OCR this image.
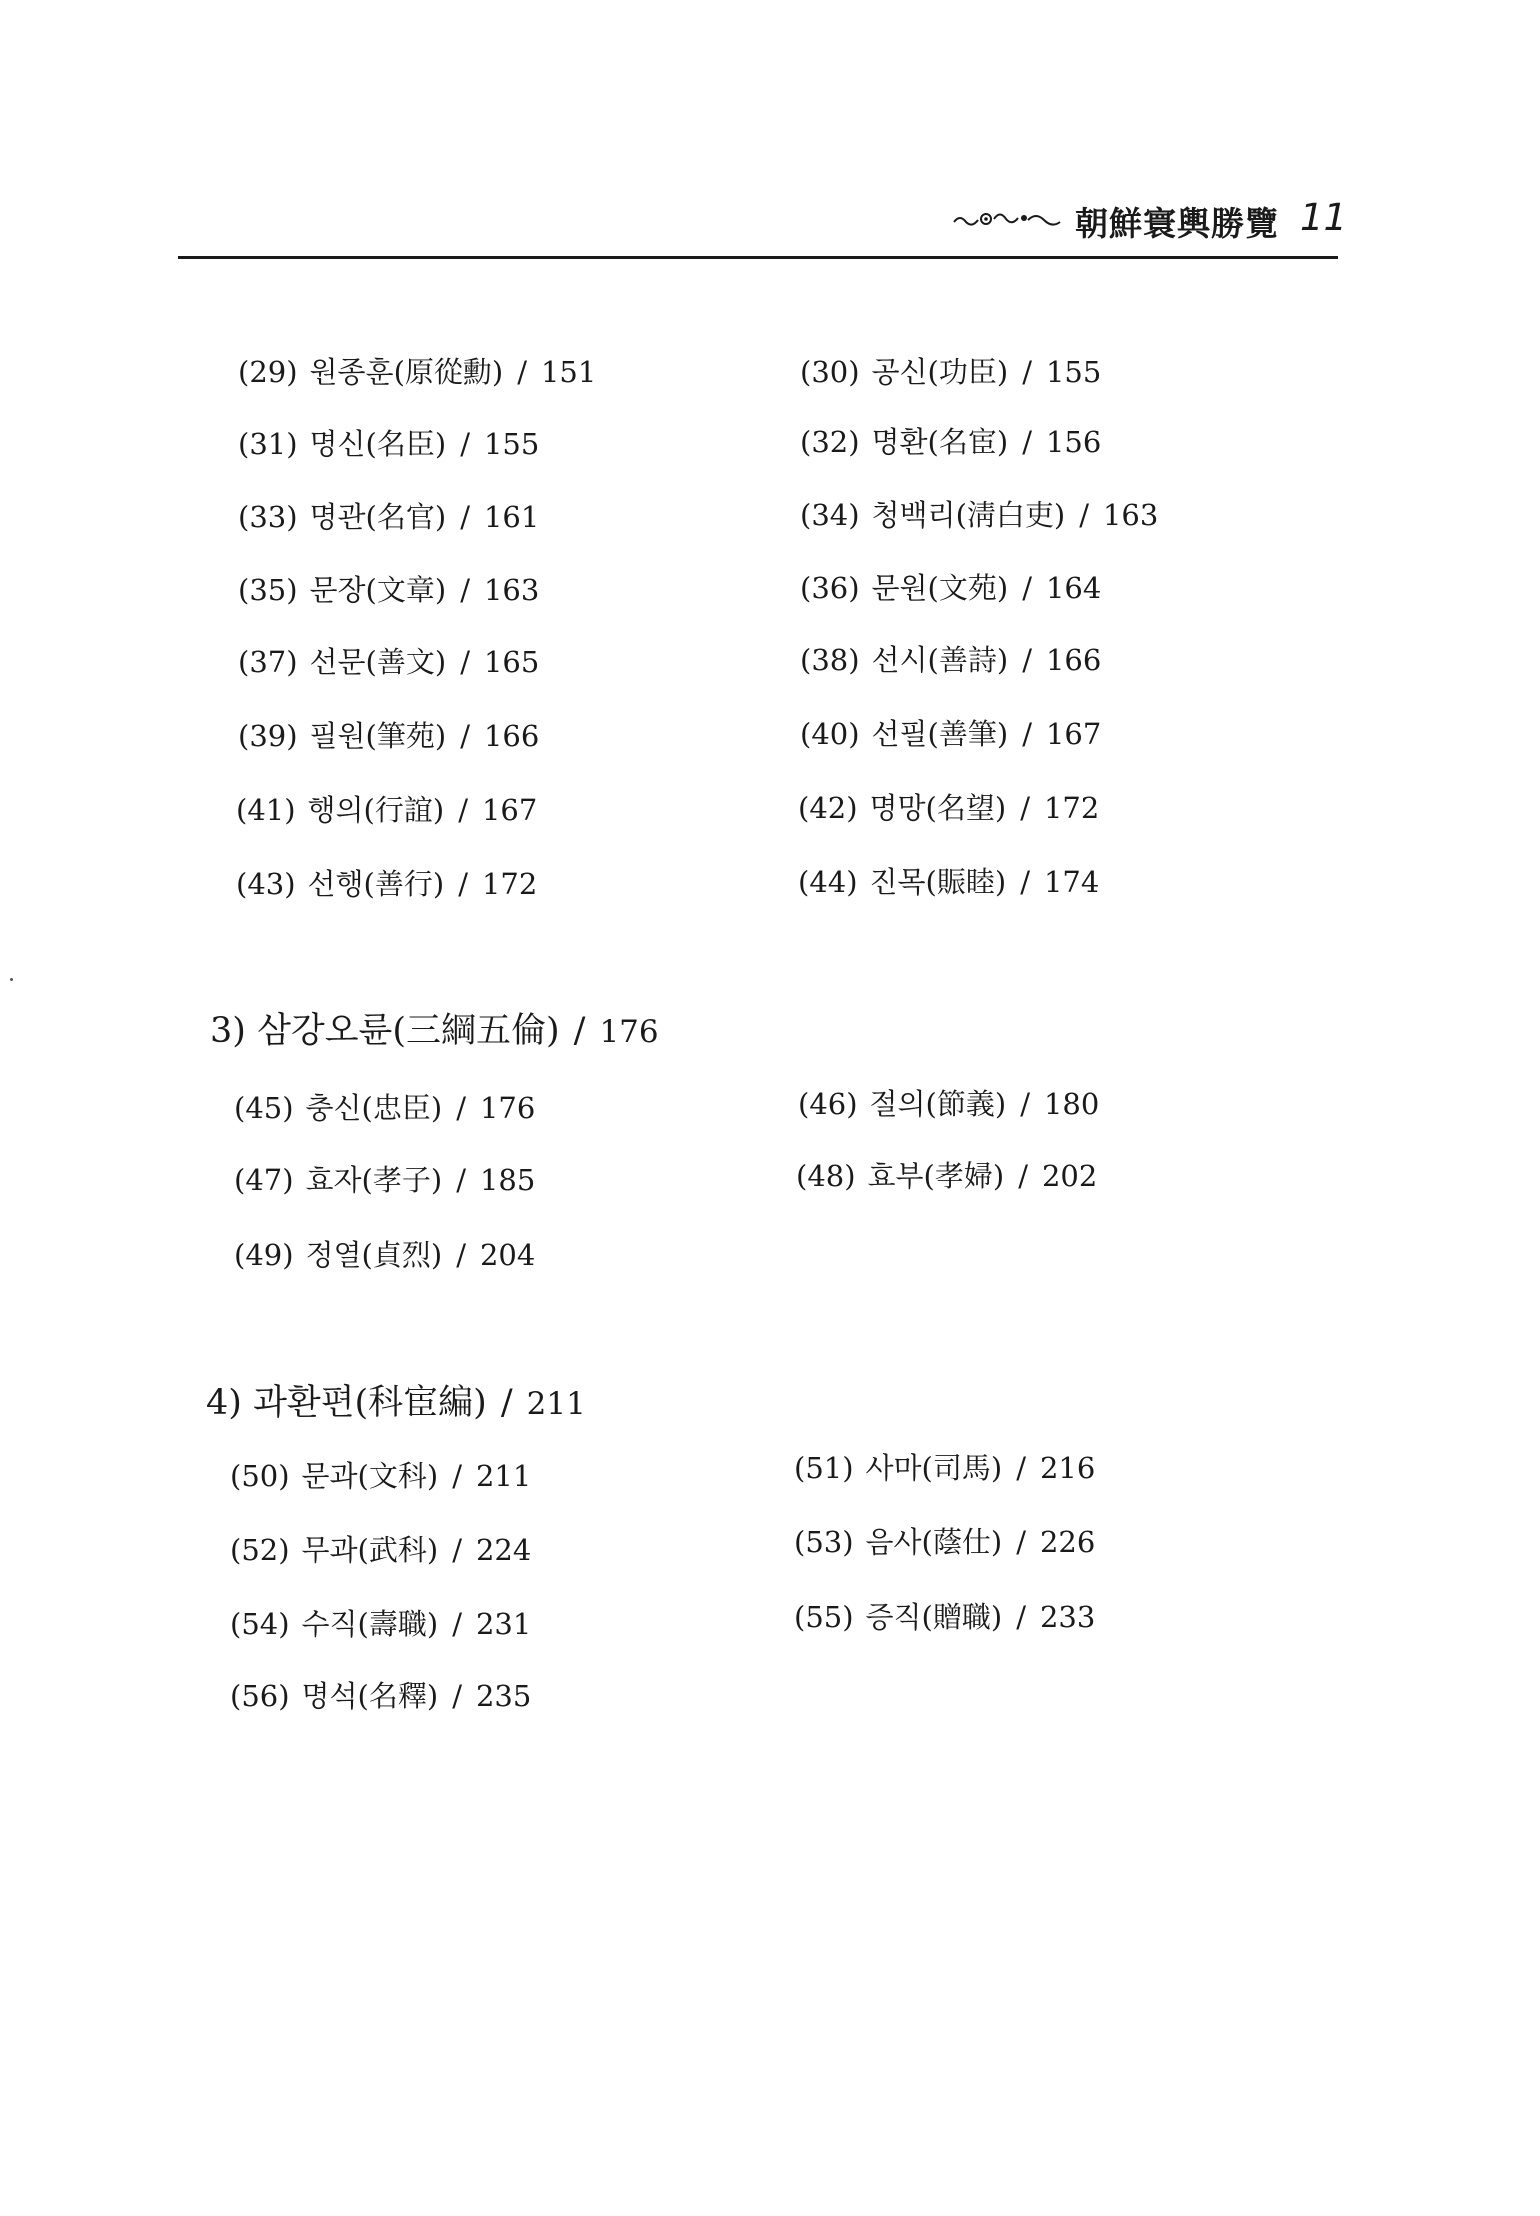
朝鮮寰輿勝覽 11
(29) 원종훈(原從勳) / 151	(30) 공신(功臣) / 155
(31) 명신(名臣) / 155	(32) 명환(名宦) / 156
(33) 명관(名官) / 161	(34) 청백리(淸白吏) / 163
(35) 문장(文章) / 163	(36) 문원(文苑) / 164
(37) 선문(善文) / 165	(38) 선시(善詩) / 166
(39) 필원(筆苑) / 166	(40) 선필(善筆) / 167
(41) 행의(行誼) / 167	(42) 명망(名望) / 172
(43) 선행(善行) / 172	(44) 진목(賑睦) / 174
3) 삼강오륜(三綱五倫) / 176
(45) 충신(忠臣) / 176	(46) 절의(節義) / 180
(47) 효자(孝子) / 185	(48) 효부(孝婦) / 202
(49) 정열(貞烈) / 204
4) 과환편(科宦編) / 211
(50) 문과(文科) / 211	(51) 사마(司馬) / 216
(52) 무과(武科) / 224	(53) 음사(蔭仕) / 226
(54) 수직(壽職) / 231	(55) 증직(贈職) / 233
(56) 명석(名釋) / 235
